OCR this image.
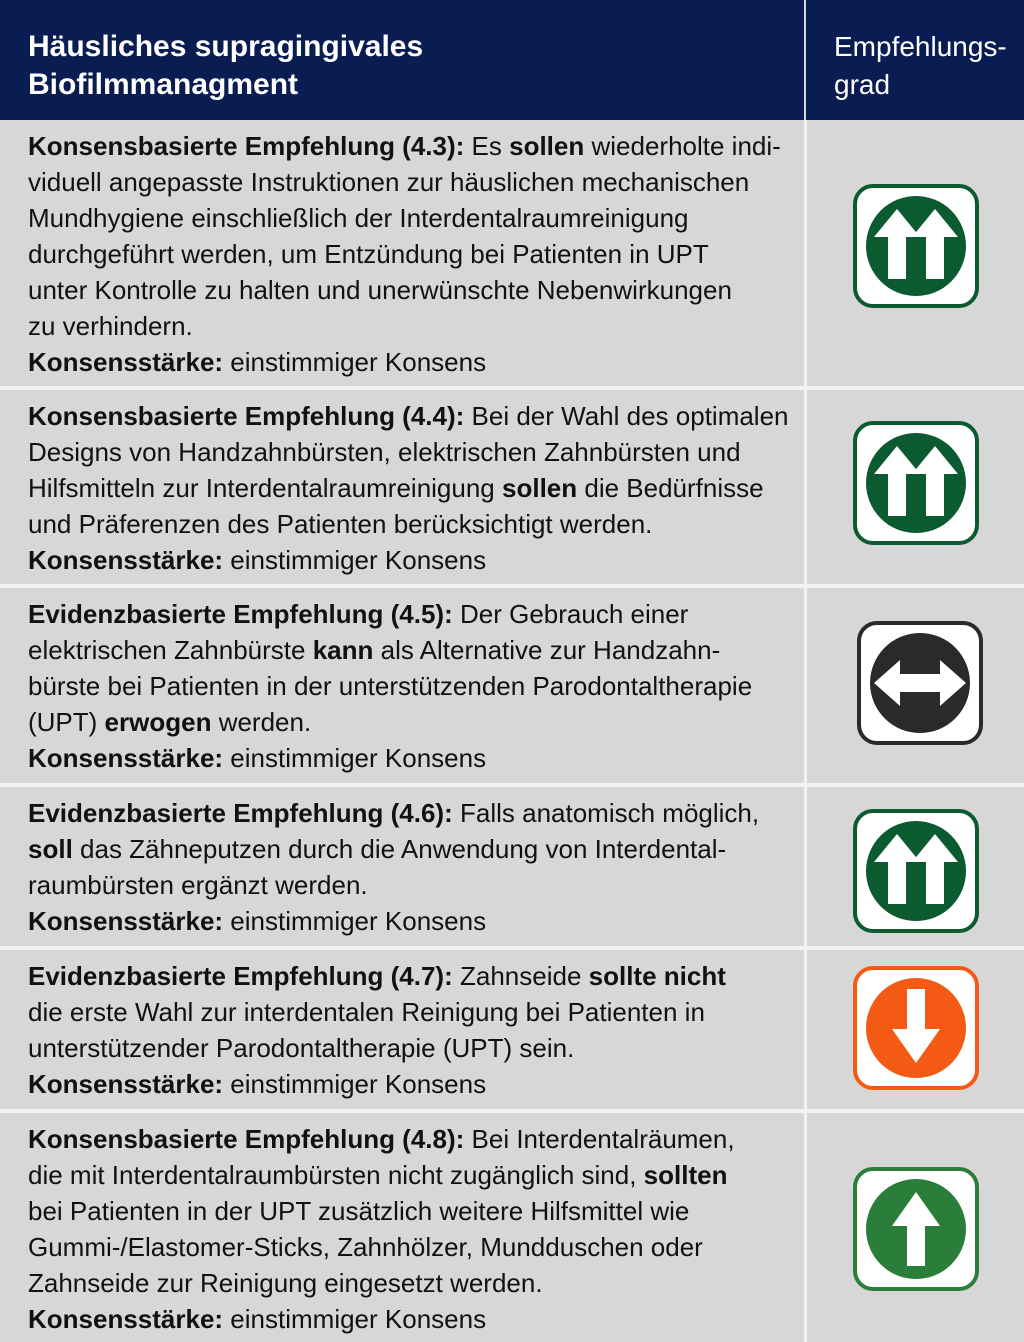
Häusliches supragingivales
Biofilmmanagment
Empfehlungs-
grad
Konsensbasierte Empfehlung (4.3): Es sollen wiederholte indi-
viduell angepasste Instruktionen zur häuslichen mechanischen
Mundhygiene einschließlich der Interdentalraumreinigung
durchgeführt werden, um Entzündung bei Patienten in UPT
unter Kontrolle zu halten und unerwünschte Nebenwirkungen
zu verhindern.
Konsensstärke: einstimmiger Konsens
Konsensbasierte Empfehlung (4.4): Bei der Wahl des optimalen
Designs von Handzahnbürsten, elektrischen Zahnbürsten und
Hilfsmitteln zur Interdentalraumreinigung sollen die Bedürfnisse
und Präferenzen des Patienten berücksichtigt werden.
Konsensstärke: einstimmiger Konsens
Evidenzbasierte Empfehlung (4.5): Der Gebrauch einer
elektrischen Zahnbürste kann als Alternative zur Handzahn-
bürste bei Patienten in der unterstützenden Parodontaltherapie
(UPT) erwogen werden.
Konsensstärke: einstimmiger Konsens
Evidenzbasierte Empfehlung (4.6): Falls anatomisch möglich,
soll das Zähneputzen durch die Anwendung von Interdental-
raumbürsten ergänzt werden.
Konsensstärke: einstimmiger Konsens
Evidenzbasierte Empfehlung (4.7): Zahnseide sollte nicht
die erste Wahl zur interdentalen Reinigung bei Patienten in
unterstützender Parodontaltherapie (UPT) sein.
Konsensstärke: einstimmiger Konsens
Konsensbasierte Empfehlung (4.8): Bei Interdentalräumen,
die mit Interdentalraumbürsten nicht zugänglich sind, sollten
bei Patienten in der UPT zusätzlich weitere Hilfsmittel wie
Gummi-/Elastomer-Sticks, Zahnhölzer, Mundduschen oder
Zahnseide zur Reinigung eingesetzt werden.
Konsensstärke: einstimmiger Konsens
